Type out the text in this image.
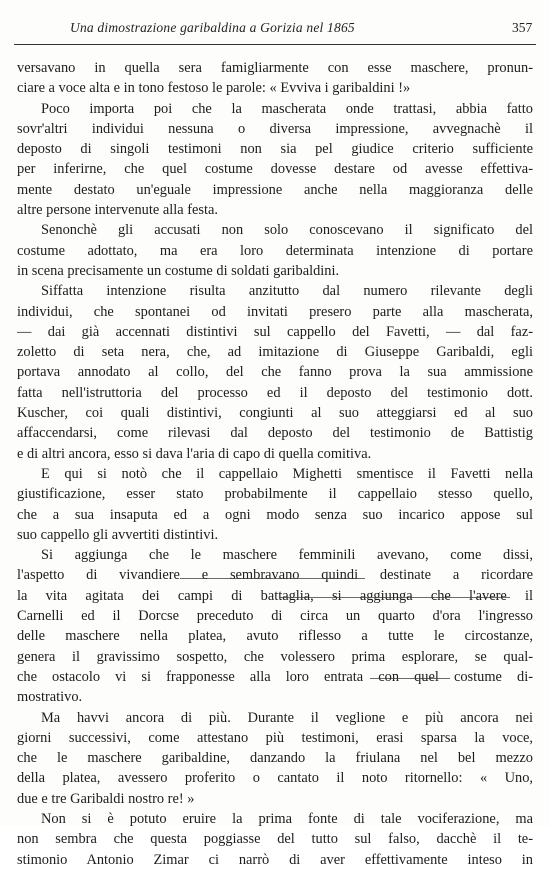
Una dimostrazione garibaldina a Gorizia nel 1865	357
versavano in quella sera famigliarmente con esse maschere, pronun-
ciare a voce alta e in tono festoso le parole: « Evviva i garibaldini !»
Poco importa poi che la mascherata onde trattasi, abbia fatto
sovr'altri individui nessuna o diversa impressione, avvegnachè il
deposto di singoli testimoni non sia pel giudice criterio sufficiente
per inferirne, che quel costume dovesse destare od avesse effettiva-
mente destato un'eguale impressione anche nella maggioranza delle
altre persone intervenute alla festa.
Senonchè gli accusati non solo conoscevano il significato del
costume adottato, ma era loro determinata intenzione di portare
in scena precisamente un costume di soldati garibaldini.
Siffatta intenzione risulta anzitutto dal numero rilevante degli
individui, che spontanei od invitati presero parte alla mascherata,
— dai già accennati distintivi sul cappello del Favetti, — dal faz-
zoletto di seta nera, che, ad imitazione di Giuseppe Garibaldi, egli
portava annodato al collo, del che fanno prova la sua ammissione
fatta nell'istruttoria del processo ed il deposto del testimonio dott.
Kuscher, coi quali distintivi, congiunti al suo atteggiarsi ed al suo
affaccendarsi, come rilevasi dal deposto del testimonio de Battistig
e di altri ancora, esso si dava l'aria di capo di quella comitiva.
E qui si notò che il cappellaio Mighetti smentisce il Favetti nella
giustificazione, esser stato probabilmente il cappellaio stesso quello,
che a sua insaputa ed a ogni modo senza suo incarico appose sul
suo cappello gli avvertiti distintivi.
Si aggiunga che le maschere femminili avevano, come dissi,
l'aspetto di vivandiere e sembravano quindi destinate a ricordare
la vita agitata dei campi di battaglia, si aggiunga che l'avere il
Carnelli ed il Dorcse preceduto di circa un quarto d'ora l'ingresso
delle maschere nella platea, avuto riflesso a tutte le circostanze,
genera il gravissimo sospetto, che volessero prima esplorare, se qual-
che ostacolo vi si frapponesse alla loro entrata con quel costume di-
mostrativo.
Ma havvi ancora di più. Durante il veglione e più ancora nei
giorni successivi, come attestano più testimoni, erasi sparsa la voce,
che le maschere garibaldine, danzando la friulana nel bel mezzo
della platea, avessero proferito o cantato il noto ritornello: « Uno,
due e tre Garibaldi nostro re! »
Non si è potuto eruire la prima fonte di tale vociferazione, ma
non sembra che questa poggiasse del tutto sul falso, dacchè il te-
stimonio Antonio Zimar ci narrò di aver effettivamente inteso in
